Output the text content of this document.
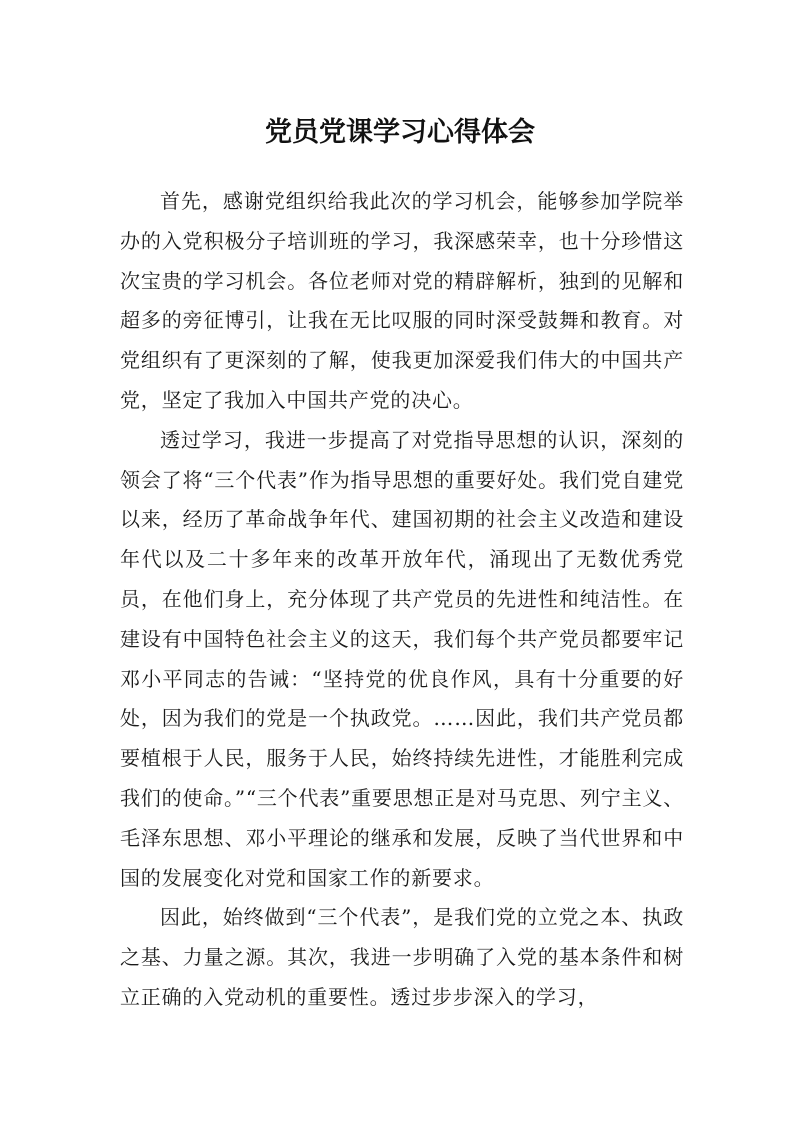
党员党课学习心得体会

首先，感谢党组织给我此次的学习机会，能够参加学院举办的入党积极分子培训班的学习，我深感荣幸，也十分珍惜这次宝贵的学习机会。各位老师对党的精辟解析，独到的见解和超多的旁征博引，让我在无比叹服的同时深受鼓舞和教育。对党组织有了更深刻的了解，使我更加深爱我们伟大的中国共产党，坚定了我加入中国共产党的决心。

透过学习，我进一步提高了对党指导思想的认识，深刻的领会了将“三个代表”作为指导思想的重要好处。我们党自建党以来，经历了革命战争年代、建国初期的社会主义改造和建设年代以及二十多年来的改革开放年代，涌现出了无数优秀党员，在他们身上，充分体现了共产党员的先进性和纯洁性。在建设有中国特色社会主义的这天，我们每个共产党员都要牢记邓小平同志的告诫：“坚持党的优良作风，具有十分重要的好处，因为我们的党是一个执政党。……因此，我们共产党员都要植根于人民，服务于人民，始终持续先进性，才能胜利完成我们的使命。”“三个代表”重要思想正是对马克思、列宁主义、毛泽东思想、邓小平理论的继承和发展，反映了当代世界和中国的发展变化对党和国家工作的新要求。

因此，始终做到“三个代表”，是我们党的立党之本、执政之基、力量之源。其次，我进一步明确了入党的基本条件和树立正确的入党动机的重要性。透过步步深入的学习，
